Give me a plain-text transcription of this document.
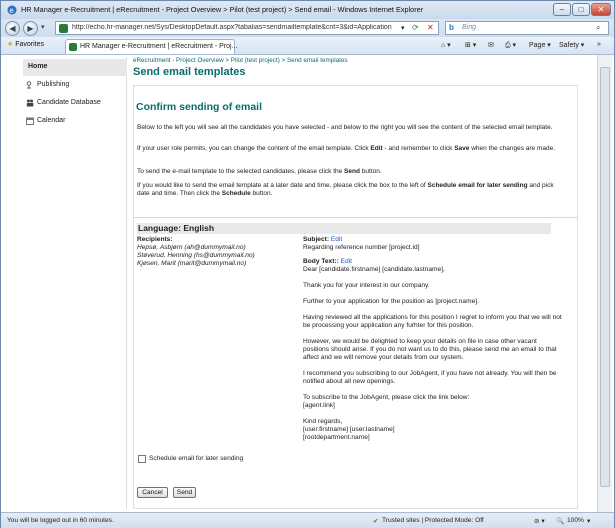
e HR Manager e-Recruitment | eRecruitment - Project Overview > Pilot (test project) > Send email - Windows Internet Explorer	–	□	✕
◀	▶	▾	http://echo.hr-manager.net/Sys/DesktopDefault.aspx?tabalias=sendmailtemplate&cnt=3&id=Application ▾ ⟳ ✕ b Bing	⌕
★ Favorites	HR Manager e-Recruitment | eRecruitment - Proj...	⌂ ▾ ⊞ ▾ ✉ ⎙ ▾ Page ▾ Safety ▾ »
Home
Publishing
Candidate Database
Calendar
eRecruitment - Project Overview > Pilot (test project) > Send email templates
Send email templates
Confirm sending of email
Below to the left you will see all the candidates you have selected - and below to the right you will see the content of the selected email template.
If your user role permits, you can change the content of the email template. Click Edit - and remember to click Save when the changes are made.
To send the e-mail template to the selected candidates, please click the Send button.
If you would like to send the email template at a later date and time, please click the box to the left of Schedule email for later sending and pick date and time. Then click the Schedule button.
Language: English
Recipients:
Hepsø, Asbjørn (ah@dummymail.no)
Støverud, Henning (hs@dummymail.no)
Kjøsen, Marit (marit@dummymail.no)
Subject: Edit
Regarding reference number [project.id]
Body Text:: Edit
Dear [candidate.firstname] [candidate.lastname],
Thank you for your interest in our company.
Further to your application for the position as [project.name].
Having reviewed all the applications for this position I regret to inform you that we will not be processing your application any furhter for this position.
However, we would be delighted to keep your details on file in case other vacant positions should arise. If you do not want us to do this, please send me an email to that affect and we will remove your details from our system.
I recommend you subscribing to our JobAgent, if you have not already. You will then be notified about all new openings.
To subscribe to the JobAgent, please click the link below:
[agent.link]
Kind regards,
[user.firstname] [user.lastname]
[rootdepartment.name]
Schedule email for later sending
Cancel	Send
You will be logged out in 60 minutes.	✔ Trusted sites | Protected Mode: Off	⊘ ▾ 🔍 100% ▾
